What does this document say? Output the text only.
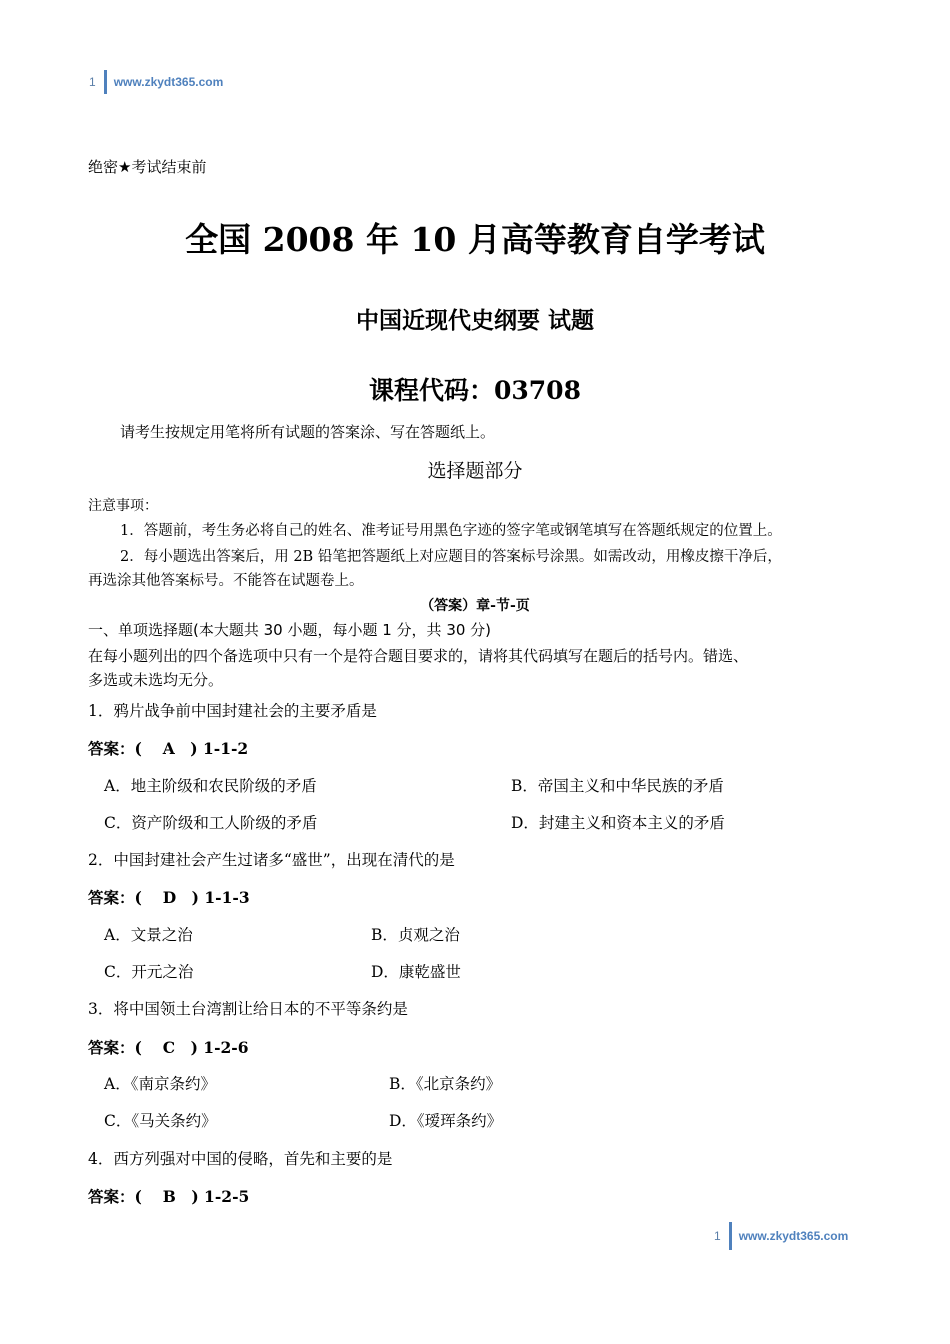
1 www.zkydt365.com
绝密★考试结束前
全国 2008 年 10 月高等教育自学考试
中国近现代史纲要 试题
课程代码：03708
请考生按规定用笔将所有试题的答案涂、写在答题纸上。
选择题部分
注意事项：
1．答题前，考生务必将自己的姓名、准考证号用黑色字迹的签字笔或钢笔填写在答题纸规定的位置上。
2．每小题选出答案后，用 2B 铅笔把答题纸上对应题目的答案标号涂黑。如需改动，用橡皮擦干净后，
再选涂其他答案标号。不能答在试题卷上。
（答案）章-节-页
一、单项选择题(本大题共 30 小题，每小题 1 分，共 30 分)
在每小题列出的四个备选项中只有一个是符合题目要求的，请将其代码填写在题后的括号内。错选、
多选或未选均无分。
1．鸦片战争前中国封建社会的主要矛盾是
答案：(　 A　) 1-1-2
A．地主阶级和农民阶级的矛盾	B．帝国主义和中华民族的矛盾
C．资产阶级和工人阶级的矛盾	D．封建主义和资本主义的矛盾
2．中国封建社会产生过诸多“盛世”，出现在清代的是
答案：(　 D　) 1-1-3
A．文景之治	B．贞观之治
C．开元之治	D．康乾盛世
3．将中国领土台湾割让给日本的不平等条约是
答案：(　 C　) 1-2-6
A．《南京条约》	B．《北京条约》
C．《马关条约》	D．《瑷珲条约》
4．西方列强对中国的侵略，首先和主要的是
答案：(　 B　) 1-2-5
1 www.zkydt365.com
